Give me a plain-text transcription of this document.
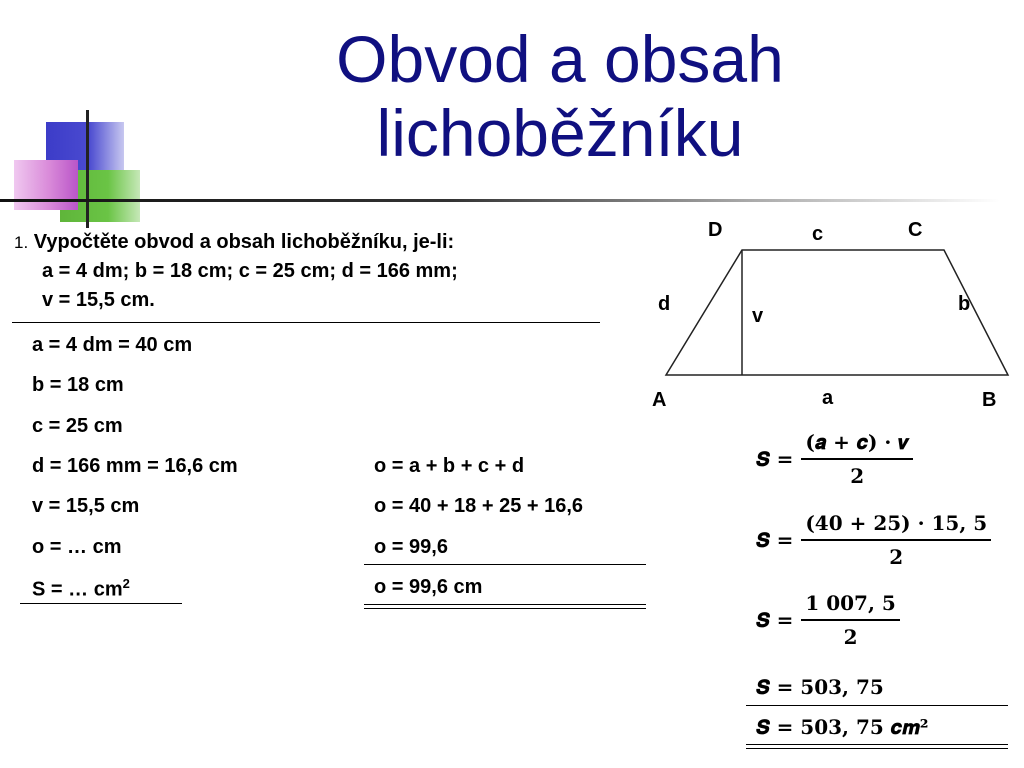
Obvod a obsah
lichoběžníku
1. Vypočtěte obvod a obsah lichoběžníku, je-li:
a = 4 dm; b = 18 cm; c = 25 cm; d = 166 mm;
v = 15,5 cm.
a = 4 dm = 40 cm
b = 18 cm
c = 25 cm
d = 166 mm = 16,6 cm
v = 15,5 cm
o = … cm
S = … $cm^2$
o = a + b + c + d
o = 40 + 18 + 25 + 16,6
o = 99,6
o = 99,6 cm
D	C
A	B
c
a
d	b
v
𝑺 =
(𝒂 + 𝒄) · 𝒗
𝟐
𝑺 =
(𝟒𝟎 + 𝟐𝟓) · 𝟏𝟓, 𝟓
𝟐
𝑺 =
𝟏 𝟎𝟎𝟕, 𝟓
𝟐
𝑺 = 𝟓𝟎𝟑, 𝟕𝟓
𝑺 = 𝟓𝟎𝟑, 𝟕𝟓 𝒄𝒎²
